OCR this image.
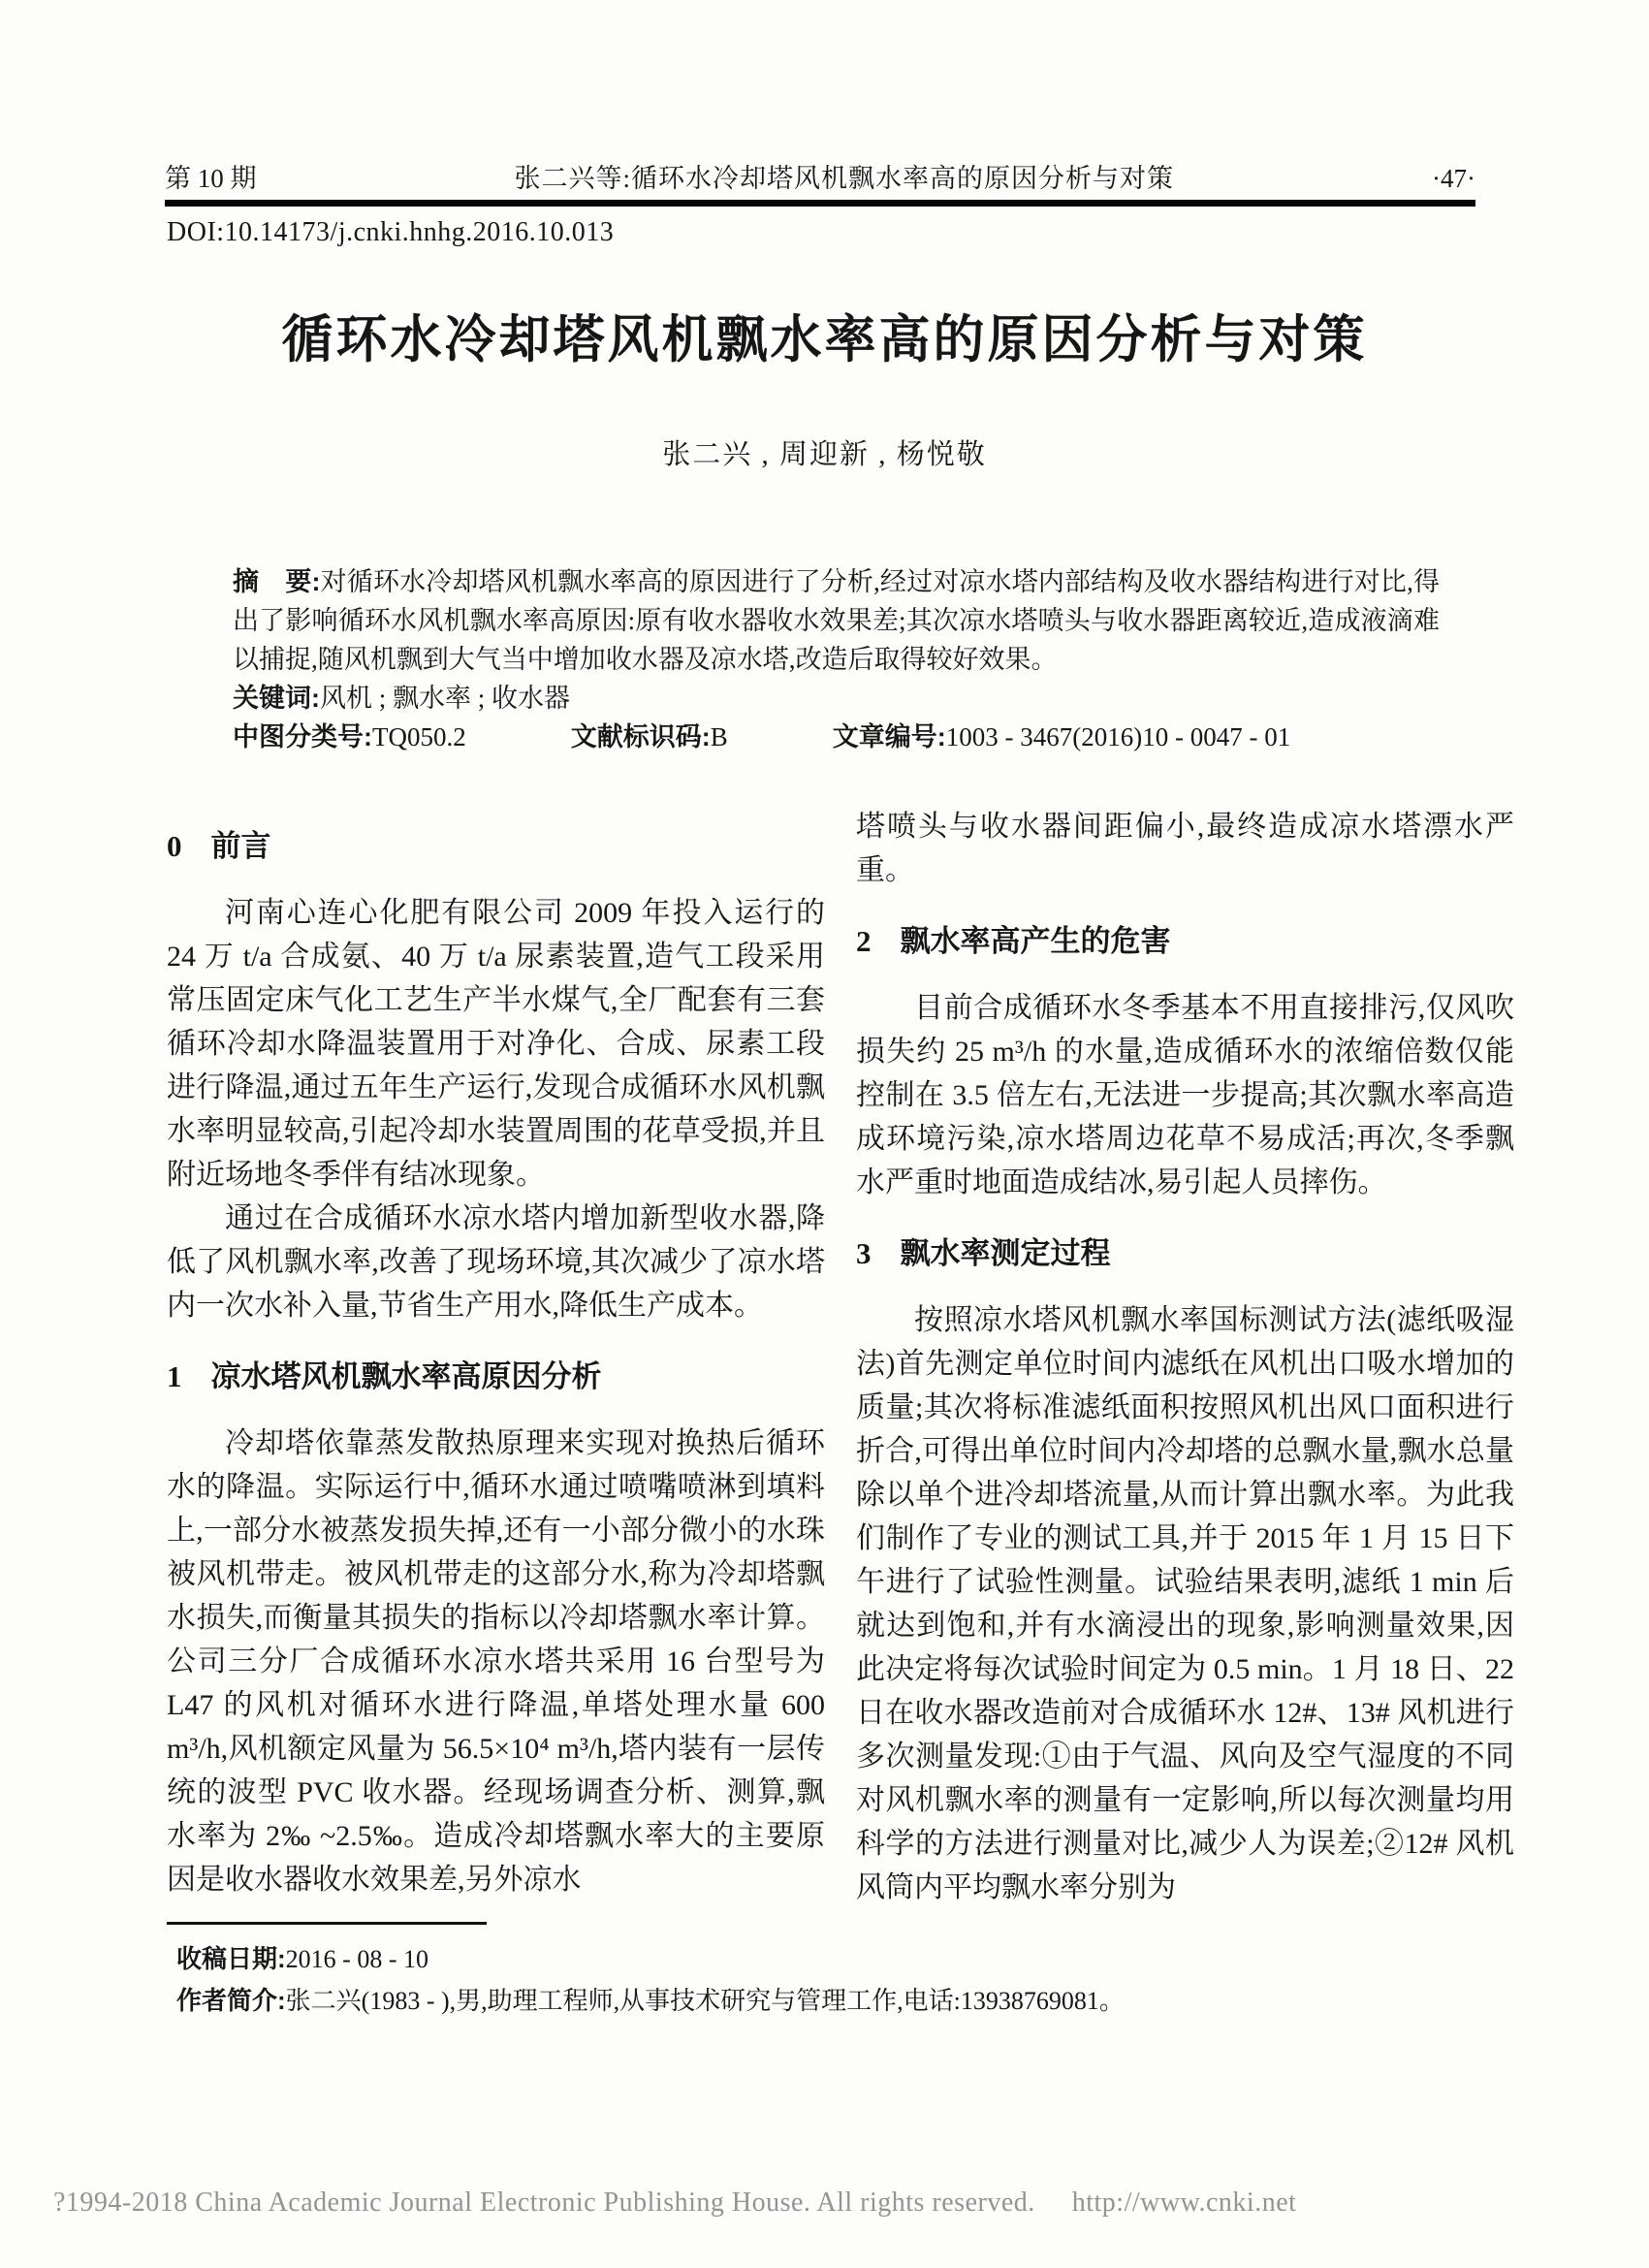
第 10 期	张二兴等:循环水冷却塔风机飘水率高的原因分析与对策	·47·
DOI:10.14173/j.cnki.hnhg.2016.10.013
循环水冷却塔风机飘水率高的原因分析与对策
张二兴 , 周迎新 , 杨悦敬

摘　要:对循环水冷却塔风机飘水率高的原因进行了分析,经过对凉水塔内部结构及收水器结构进行对比,得出了影响循环水风机飘水率高原因:原有收水器收水效果差;其次凉水塔喷头与收水器距离较近,造成液滴难以捕捉,随风机飘到大气当中增加收水器及凉水塔,改造后取得较好效果。

关键词:风机 ; 飘水率 ; 收水器

中图分类号:TQ050.2	文献标识码:B	文章编号:1003 - 3467(2016)10 - 0047 - 01

0 前言

河南心连心化肥有限公司 2009 年投入运行的 24 万 t/a 合成氨、40 万 t/a 尿素装置,造气工段采用常压固定床气化工艺生产半水煤气,全厂配套有三套循环冷却水降温装置用于对净化、合成、尿素工段进行降温,通过五年生产运行,发现合成循环水风机飘水率明显较高,引起冷却水装置周围的花草受损,并且附近场地冬季伴有结冰现象。

通过在合成循环水凉水塔内增加新型收水器,降低了风机飘水率,改善了现场环境,其次减少了凉水塔内一次水补入量,节省生产用水,降低生产成本。

1 凉水塔风机飘水率高原因分析

冷却塔依靠蒸发散热原理来实现对换热后循环水的降温。实际运行中,循环水通过喷嘴喷淋到填料上,一部分水被蒸发损失掉,还有一小部分微小的水珠被风机带走。被风机带走的这部分水,称为冷却塔飘水损失,而衡量其损失的指标以冷却塔飘水率计算。公司三分厂合成循环水凉水塔共采用 16 台型号为 L47 的风机对循环水进行降温,单塔处理水量 600 m³/h,风机额定风量为 56.5×10⁴ m³/h,塔内装有一层传统的波型 PVC 收水器。经现场调查分析、测算,飘水率为 2‰ ~2.5‰。造成冷却塔飘水率大的主要原因是收水器收水效果差,另外凉水

塔喷头与收水器间距偏小,最终造成凉水塔漂水严重。

2 飘水率高产生的危害

目前合成循环水冬季基本不用直接排污,仅风吹损失约 25 m³/h 的水量,造成循环水的浓缩倍数仅能控制在 3.5 倍左右,无法进一步提高;其次飘水率高造成环境污染,凉水塔周边花草不易成活;再次,冬季飘水严重时地面造成结冰,易引起人员摔伤。

3 飘水率测定过程

按照凉水塔风机飘水率国标测试方法(滤纸吸湿法)首先测定单位时间内滤纸在风机出口吸水增加的质量;其次将标准滤纸面积按照风机出风口面积进行折合,可得出单位时间内冷却塔的总飘水量,飘水总量除以单个进冷却塔流量,从而计算出飘水率。为此我们制作了专业的测试工具,并于 2015 年 1 月 15 日下午进行了试验性测量。试验结果表明,滤纸 1 min 后就达到饱和,并有水滴浸出的现象,影响测量效果,因此决定将每次试验时间定为 0.5 min。1 月 18 日、22 日在收水器改造前对合成循环水 12#、13# 风机进行多次测量发现:①由于气温、风向及空气湿度的不同对风机飘水率的测量有一定影响,所以每次测量均用科学的方法进行测量对比,减少人为误差;②12# 风机风筒内平均飘水率分别为

收稿日期:2016 - 08 - 10

作者简介:张二兴(1983 - ),男,助理工程师,从事技术研究与管理工作,电话:13938769081。

?1994-2018 China Academic Journal Electronic Publishing House. All rights reserved. http://www.cnki.net
